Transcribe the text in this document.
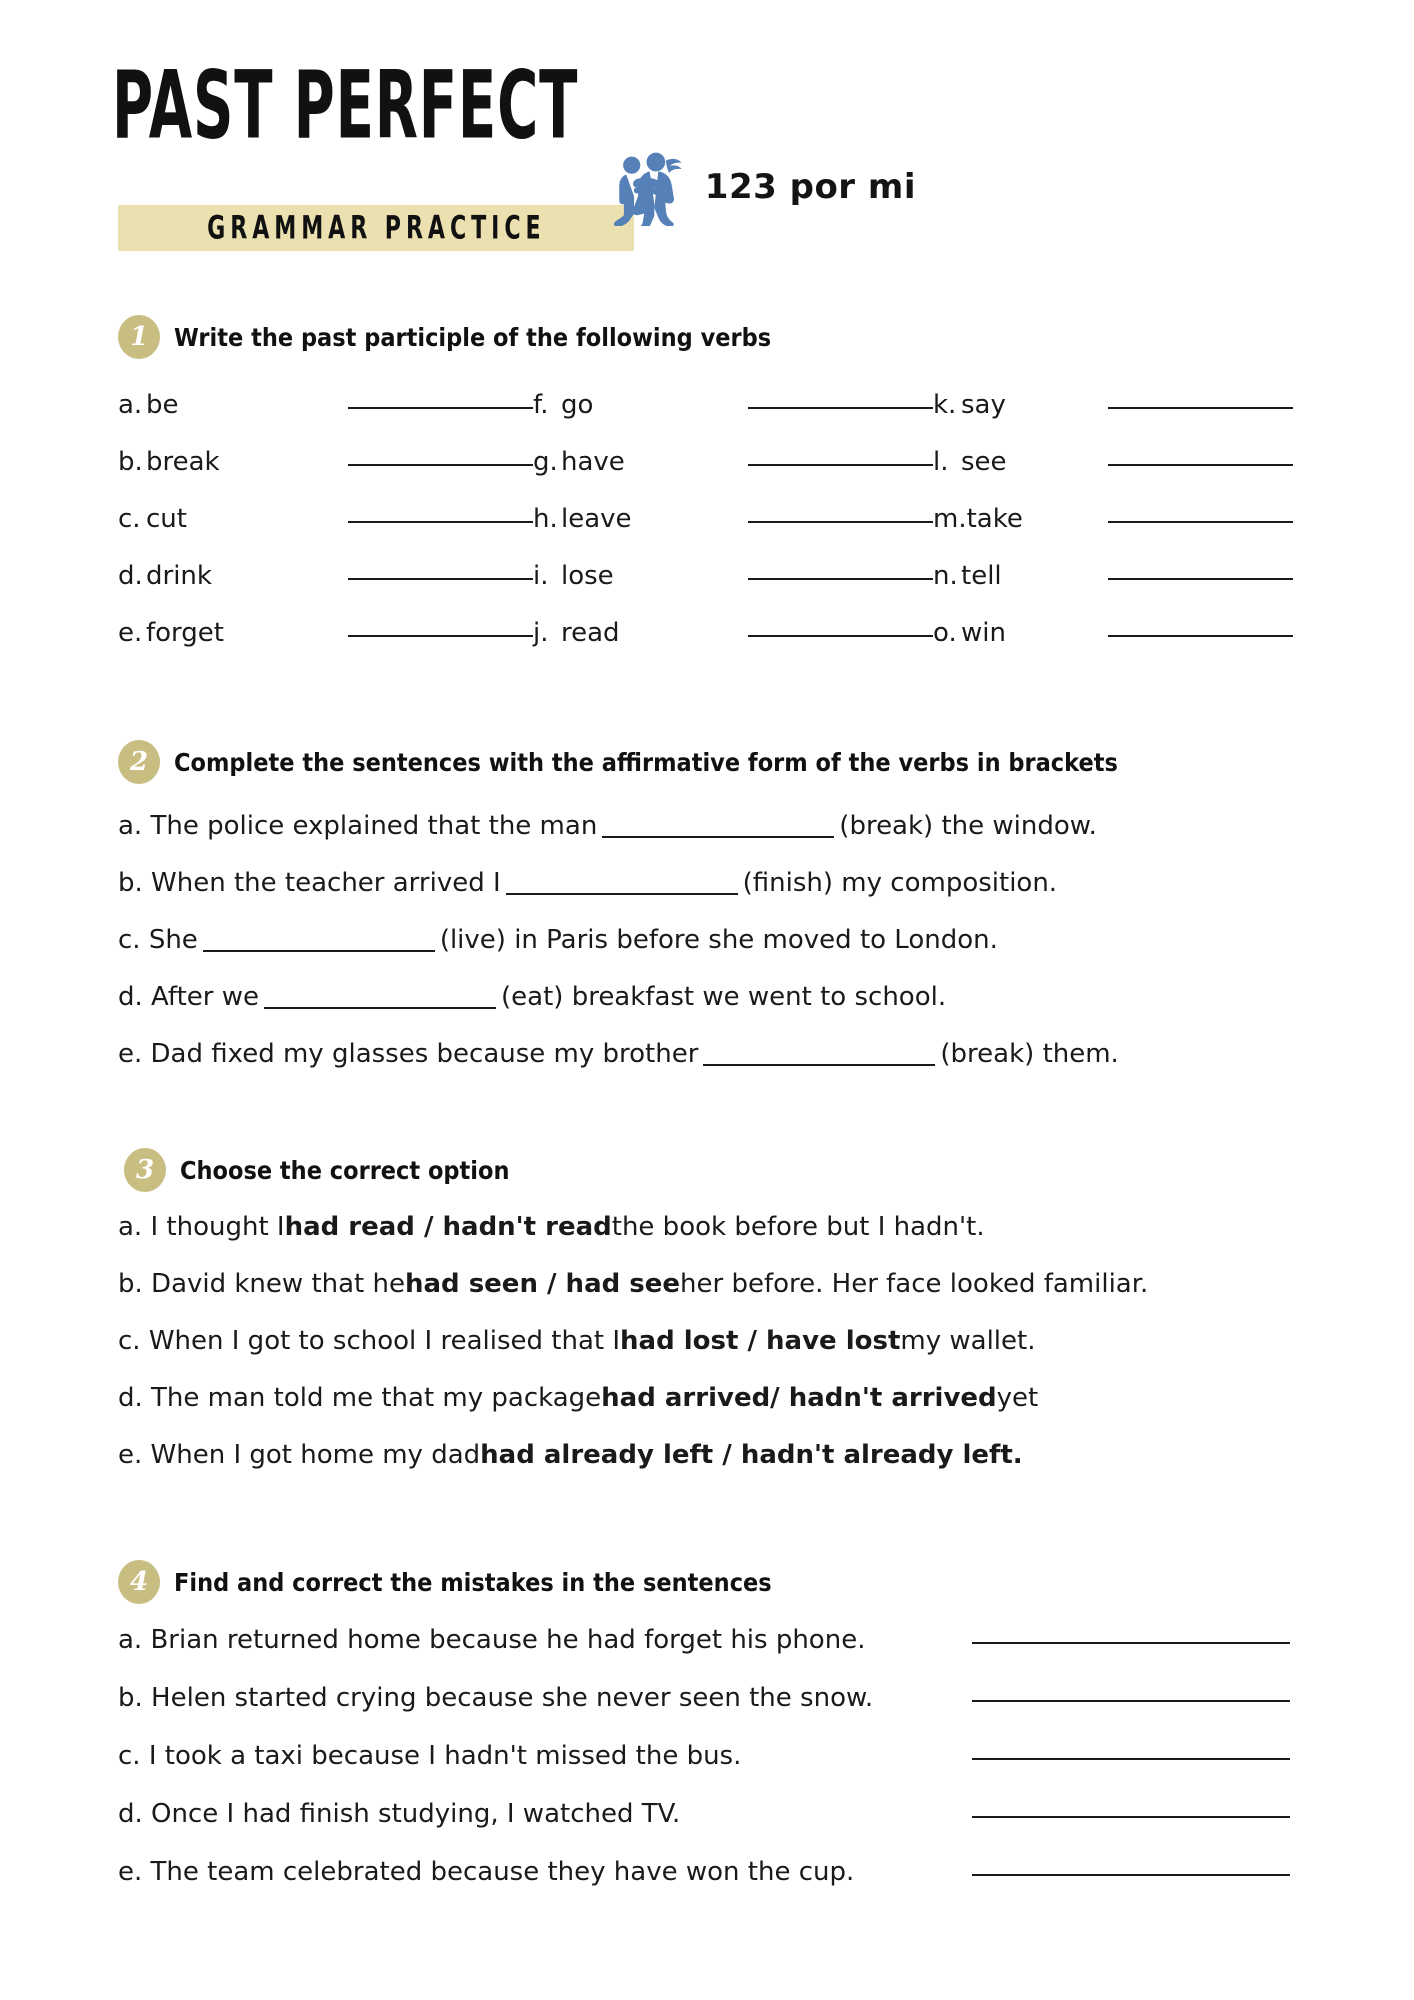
PAST PERFECT
GRAMMAR PRACTICE
123 por mi
1	Write the past participle of the following verbs
a. be	f. go	k. say
b. break	g. have	l. see
c. cut	h. leave	m.take
d. drink	i. lose	n. tell
e. forget	j. read	o. win
2	Complete the sentences with the affirmative form of the verbs in brackets
a.
The police explained that the man	(break) the window.
b.
When the teacher arrived I	(finish) my composition.
c.
She	(live) in Paris before she moved to London.
d.
After we	(eat) breakfast we went to school.
e.
Dad fixed my glasses because my brother	(break) them.
3	Choose the correct option
a.
I thought I had read / hadn't read the book before but I hadn't.
b.
David knew that he had seen / had see her before. Her face looked familiar.
c.
When I got to school I realised that I had lost / have lost my wallet.
d.
The man told me that my package had arrived/ hadn't arrived yet
e.
When I got home my dad had already left / hadn't already left.
4	Find and correct the mistakes in the sentences
a.
Brian returned home because he had forget his phone.
b.
Helen started crying because she never seen the snow.
c.
I took a taxi because I hadn't missed the bus.
d.
Once I had finish studying, I watched TV.
e.
The team celebrated because they have won the cup.
